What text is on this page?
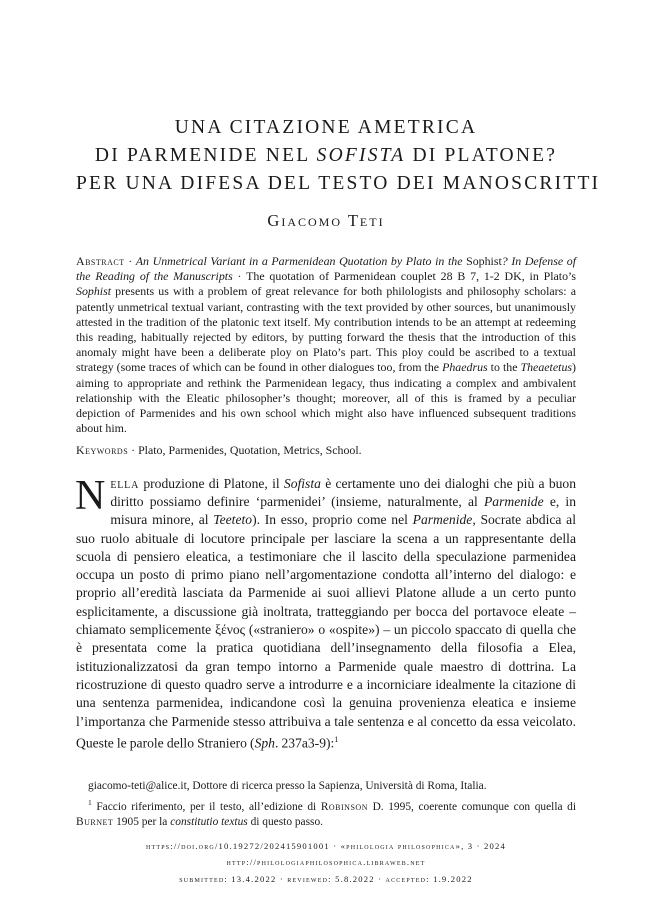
UNA CITAZIONE AMETRICA
DI PARMENIDE NEL SOFISTA DI PLATONE?
PER UNA DIFESA DEL TESTO DEI MANOSCRITTI
Giacomo Teti
Abstract · An Unmetrical Variant in a Parmenidean Quotation by Plato in the Sophist? In Defense of the Reading of the Manuscripts · The quotation of Parmenidean couplet 28 B 7, 1-2 DK, in Plato’s Sophist presents us with a problem of great relevance for both philologists and philosophy scholars: a patently unmetrical textual variant, contrasting with the text provided by other sources, but unanimously attested in the tradition of the platonic text itself. My contribution intends to be an attempt at redeeming this reading, habitually rejected by editors, by putting forward the thesis that the introduction of this anomaly might have been a deliberate ploy on Plato’s part. This ploy could be ascribed to a textual strategy (some traces of which can be found in other dialogues too, from the Phaedrus to the Theaetetus) aiming to appropriate and rethink the Parmenidean legacy, thus indicating a complex and ambivalent relationship with the Eleatic philosopher’s thought; moreover, all of this is framed by a peculiar depiction of Parmenides and his own school which might also have influenced subsequent traditions about him.
Keywords · Plato, Parmenides, Quotation, Metrics, School.
Nella produzione di Platone, il Sofista è certamente uno dei dialoghi che più a buon diritto possiamo definire ‘parmenidei’ (insieme, naturalmente, al Parmenide e, in misura minore, al Teeteto). In esso, proprio come nel Parmenide, Socrate abdica al suo ruolo abituale di locutore principale per lasciare la scena a un rappresentante della scuola di pensiero eleatica, a testimoniare che il lascito della speculazione parmenidea occupa un posto di primo piano nell’argomentazione condotta all’interno del dialogo: e proprio all’eredità lasciata da Parmenide ai suoi allievi Platone allude a un certo punto esplicitamente, a discussione già inoltrata, tratteggiando per bocca del portavoce eleate – chiamato semplicemente ξένος («straniero» o «ospite») – un piccolo spaccato di quella che è presentata come la pratica quotidiana dell’insegnamento della filosofia a Elea, istituzionalizzatosi da gran tempo intorno a Parmenide quale maestro di dottrina. La ricostruzione di questo quadro serve a introdurre e a incorniciare idealmente la citazione di una sentenza parmenidea, indicandone così la genuina provenienza eleatica e insieme l’importanza che Parmenide stesso attribuiva a tale sentenza e al concetto da essa veicolato. Queste le parole dello Straniero (Sph. 237a3-9):$^1$
giacomo-teti@alice.it, Dottore di ricerca presso la Sapienza, Università di Roma, Italia.
$^1$ Faccio riferimento, per il testo, all’edizione di Robinson D. 1995, coerente comunque con quella di Burnet 1905 per la constitutio textus di questo passo.
https://doi.org/10.19272/202415901001 · «philologia philosophica», 3 · 2024
http://philologiaphilosophica.libraweb.net
submitted: 13.4.2022 · reviewed: 5.8.2022 · accepted: 1.9.2022
